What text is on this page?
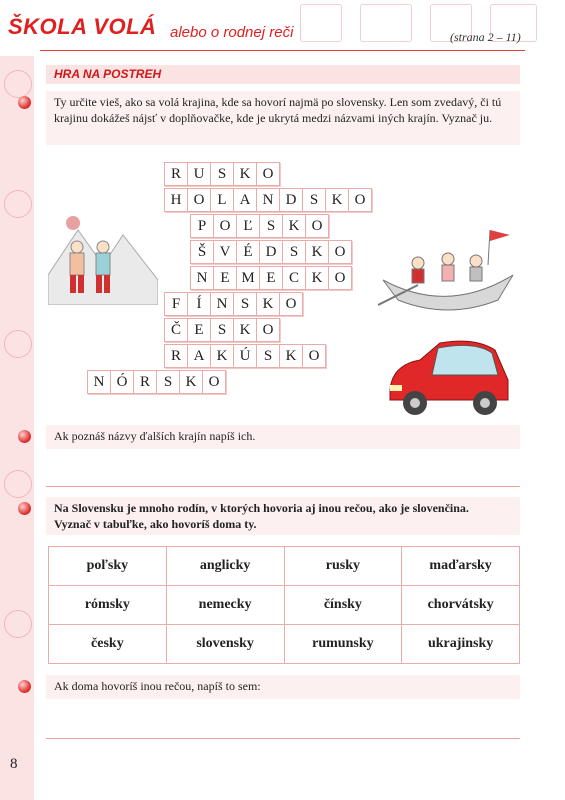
ŠKOLA VOLÁ alebo o rodnej reči	(strana 2 – 11)
HRA NA POSTREH
Ty určite vieš, ako sa volá krajina, kde sa hovorí najmä po slovensky. Len som zvedavý, či tú krajinu dokážeš nájsť v doplňovačke, kde je ukrytá medzi názvami iných krajín. Vyznač ju.
R U S K O
H O L A N D S K O
P O Ľ S K O
Š V É D S K O
N E M E C K O
F	Í	N S K O
Č E S K O
R A K Ú S K O
N Ó R S K O
Ak poznáš názvy ďalších krajín napíš ich.
Na Slovensku je mnoho rodín, v ktorých hovoria aj inou rečou, ako je slovenčina.
Vyznač v tabuľke, ako hovoríš doma ty.
poľsky	anglicky	rusky	maďarsky
rómsky	nemecky	čínsky	chorvátsky
česky	slovensky	rumunsky	ukrajinsky
Ak doma hovoríš inou rečou, napíš to sem:
8
